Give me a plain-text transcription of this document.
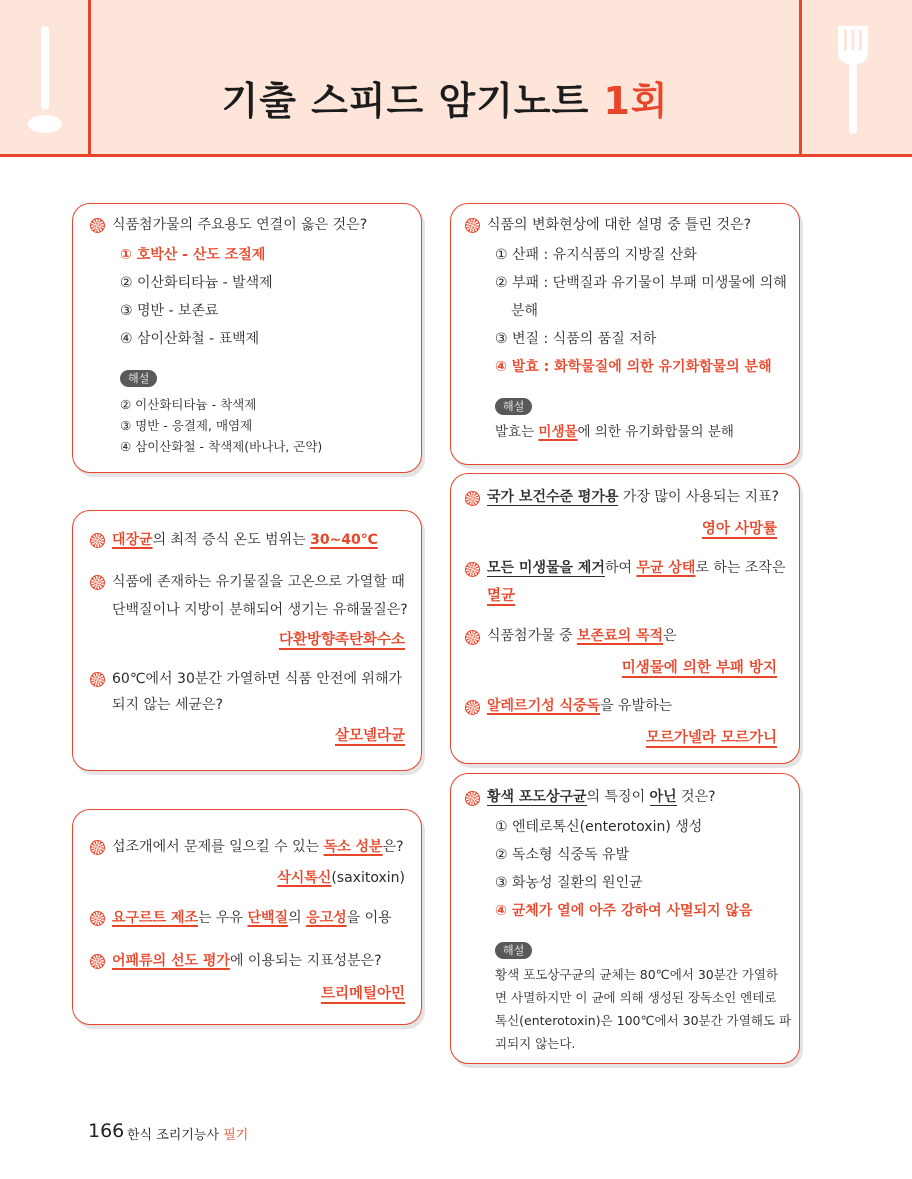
기출 스피드 암기노트 1회
식품첨가물의 주요용도 연결이 옳은 것은?
① 호박산 - 산도 조절제
② 이산화티타늄 - 발색제
③ 명반 - 보존료
④ 삼이산화철 - 표백제
해설
② 이산화티타늄 - 착색제
③ 명반 - 응결제, 매염제
④ 삼이산화철 - 착색제(바나나, 곤약)
대장균의 최적 증식 온도 범위는 30~40℃
식품에 존재하는 유기물질을 고온으로 가열할 때
단백질이나 지방이 분해되어 생기는 유해물질은?
다환방향족탄화수소
60℃에서 30분간 가열하면 식품 안전에 위해가
되지 않는 세균은?
살모넬라균
섭조개에서 문제를 일으킬 수 있는 독소 성분은?
삭시톡신(saxitoxin)
요구르트 제조는 우유 단백질의 응고성을 이용
어패류의 선도 평가에 이용되는 지표성분은?
트리메틸아민
식품의 변화현상에 대한 설명 중 틀린 것은?
① 산패 : 유지식품의 지방질 산화
② 부패 : 단백질과 유기물이 부패 미생물에 의해
분해
③ 변질 : 식품의 품질 저하
④ 발효 : 화학물질에 의한 유기화합물의 분해
해설
발효는 미생물에 의한 유기화합물의 분해
국가 보건수준 평가용 가장 많이 사용되는 지표?
영아 사망률
모든 미생물을 제거하여 무균 상태로 하는 조작은
멸균
식품첨가물 중 보존료의 목적은
미생물에 의한 부패 방지
알레르기성 식중독을 유발하는
모르가넬라 모르가니
황색 포도상구균의 특징이 아닌 것은?
① 엔테로톡신(enterotoxin) 생성
② 독소형 식중독 유발
③ 화농성 질환의 원인균
④ 균체가 열에 아주 강하여 사멸되지 않음
해설
황색 포도상구균의 균체는 80℃에서 30분간 가열하
면 사멸하지만 이 균에 의해 생성된 장독소인 엔테로
톡신(enterotoxin)은 100℃에서 30분간 가열해도 파
괴되지 않는다.
166 한식 조리기능사 필기
